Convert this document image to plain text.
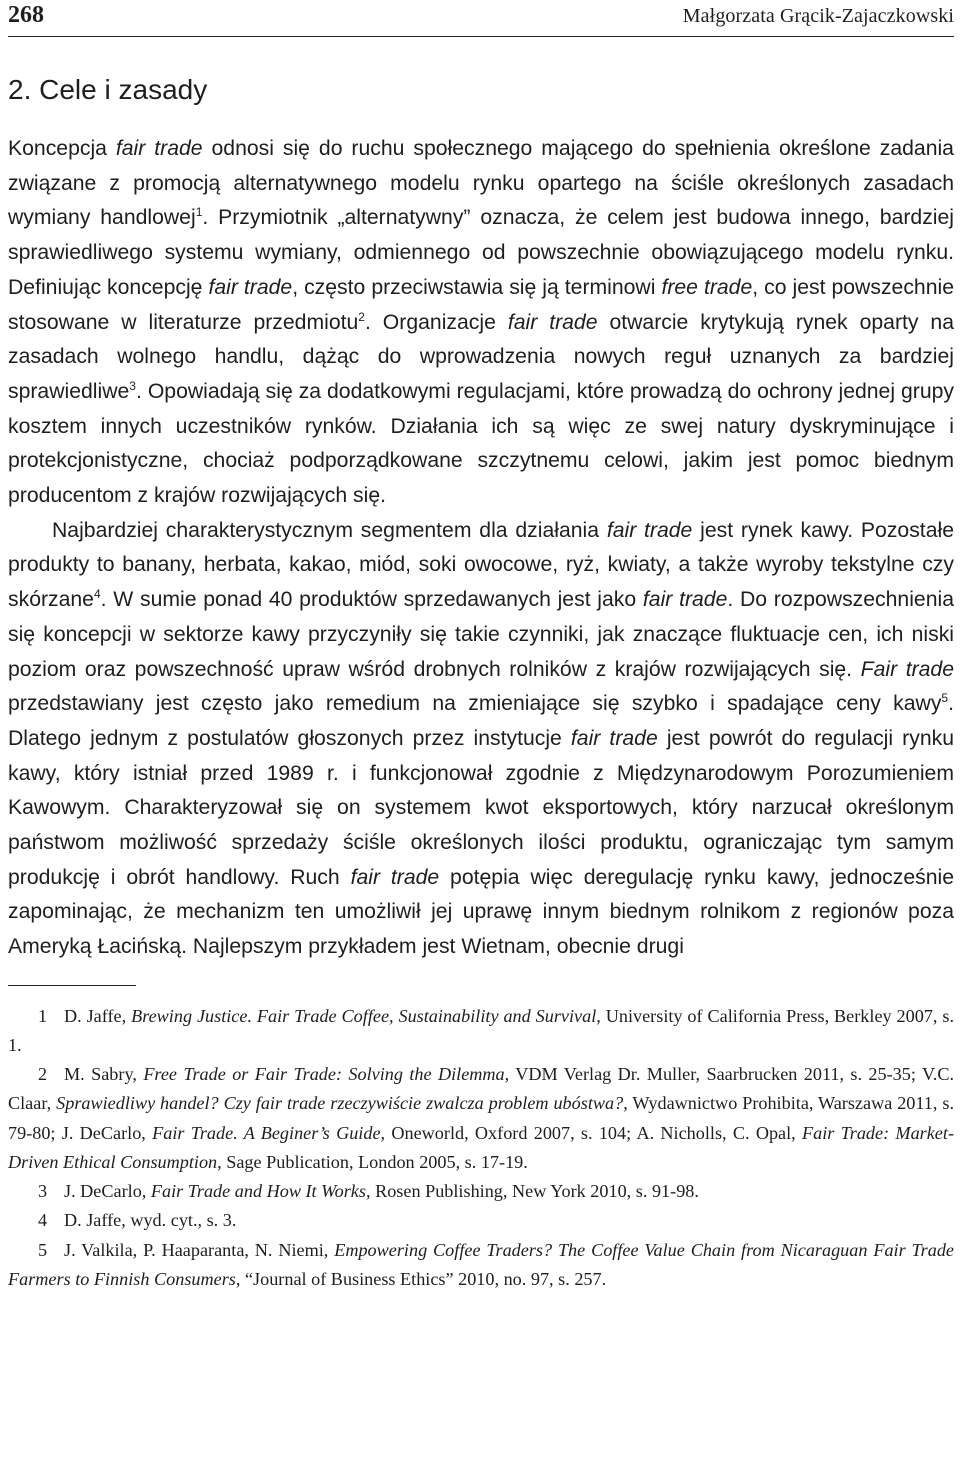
268	Małgorzata Grącik-Zajaczkowski
2. Cele i zasady

Koncepcja fair trade odnosi się do ruchu społecznego mającego do spełnienia określone zadania związane z promocją alternatywnego modelu rynku opartego na ściśle określonych zasadach wymiany handlowej$^1$. Przymiotnik „alternatywny” oznacza, że celem jest budowa innego, bardziej sprawiedliwego systemu wymiany, odmiennego od powszechnie obowiązującego modelu rynku. Definiując koncepcję fair trade, często przeciwstawia się ją terminowi free trade, co jest powszechnie stosowane w literaturze przedmiotu$^2$. Organizacje fair trade otwarcie krytykują rynek oparty na zasadach wolnego handlu, dążąc do wprowadzenia nowych reguł uznanych za bardziej sprawiedliwe$^3$. Opowiadają się za dodatkowymi regulacjami, które prowadzą do ochrony jednej grupy kosztem innych uczestników rynków. Działania ich są więc ze swej natury dyskryminujące i protekcjonistyczne, chociaż podporządkowane szczytnemu celowi, jakim jest pomoc biednym producentom z krajów rozwijających się.

Najbardziej charakterystycznym segmentem dla działania fair trade jest rynek kawy. Pozostałe produkty to banany, herbata, kakao, miód, soki owocowe, ryż, kwiaty, a także wyroby tekstylne czy skórzane$^4$. W sumie ponad 40 produktów sprzedawanych jest jako fair trade. Do rozpowszechnienia się koncepcji w sektorze kawy przyczyniły się takie czynniki, jak znaczące fluktuacje cen, ich niski poziom oraz powszechność upraw wśród drobnych rolników z krajów rozwijających się. Fair trade przedstawiany jest często jako remedium na zmieniające się szybko i spadające ceny kawy$^5$. Dlatego jednym z postulatów głoszonych przez instytucje fair trade jest powrót do regulacji rynku kawy, który istniał przed 1989 r. i funkcjonował zgodnie z Międzynarodowym Porozumieniem Kawowym. Charakteryzował się on systemem kwot eksportowych, który narzucał określonym państwom możliwość sprzedaży ściśle określonych ilości produktu, ograniczając tym samym produkcję i obrót handlowy. Ruch fair trade potępia więc deregulację rynku kawy, jednocześnie zapominając, że mechanizm ten umożliwił jej uprawę innym biednym rolnikom z regionów poza Ameryką Łacińską. Najlepszym przykładem jest Wietnam, obecnie drugi

1 D. Jaffe, Brewing Justice. Fair Trade Coffee, Sustainability and Survival, University of California Press, Berkley 2007, s. 1.

2 M. Sabry, Free Trade or Fair Trade: Solving the Dilemma, VDM Verlag Dr. Muller, Saarbrucken 2011, s. 25-35; V.C. Claar, Sprawiedliwy handel? Czy fair trade rzeczywiście zwalcza problem ubóstwa?, Wydawnictwo Prohibita, Warszawa 2011, s. 79-80; J. DeCarlo, Fair Trade. A Beginer’s Guide, Oneworld, Oxford 2007, s. 104; A. Nicholls, C. Opal, Fair Trade: Market-Driven Ethical Consumption, Sage Publication, London 2005, s. 17-19.

3 J. DeCarlo, Fair Trade and How It Works, Rosen Publishing, New York 2010, s. 91-98.

4 D. Jaffe, wyd. cyt., s. 3.

5 J. Valkila, P. Haaparanta, N. Niemi, Empowering Coffee Traders? The Coffee Value Chain from Nicaraguan Fair Trade Farmers to Finnish Consumers, “Journal of Business Ethics” 2010, no. 97, s. 257.
